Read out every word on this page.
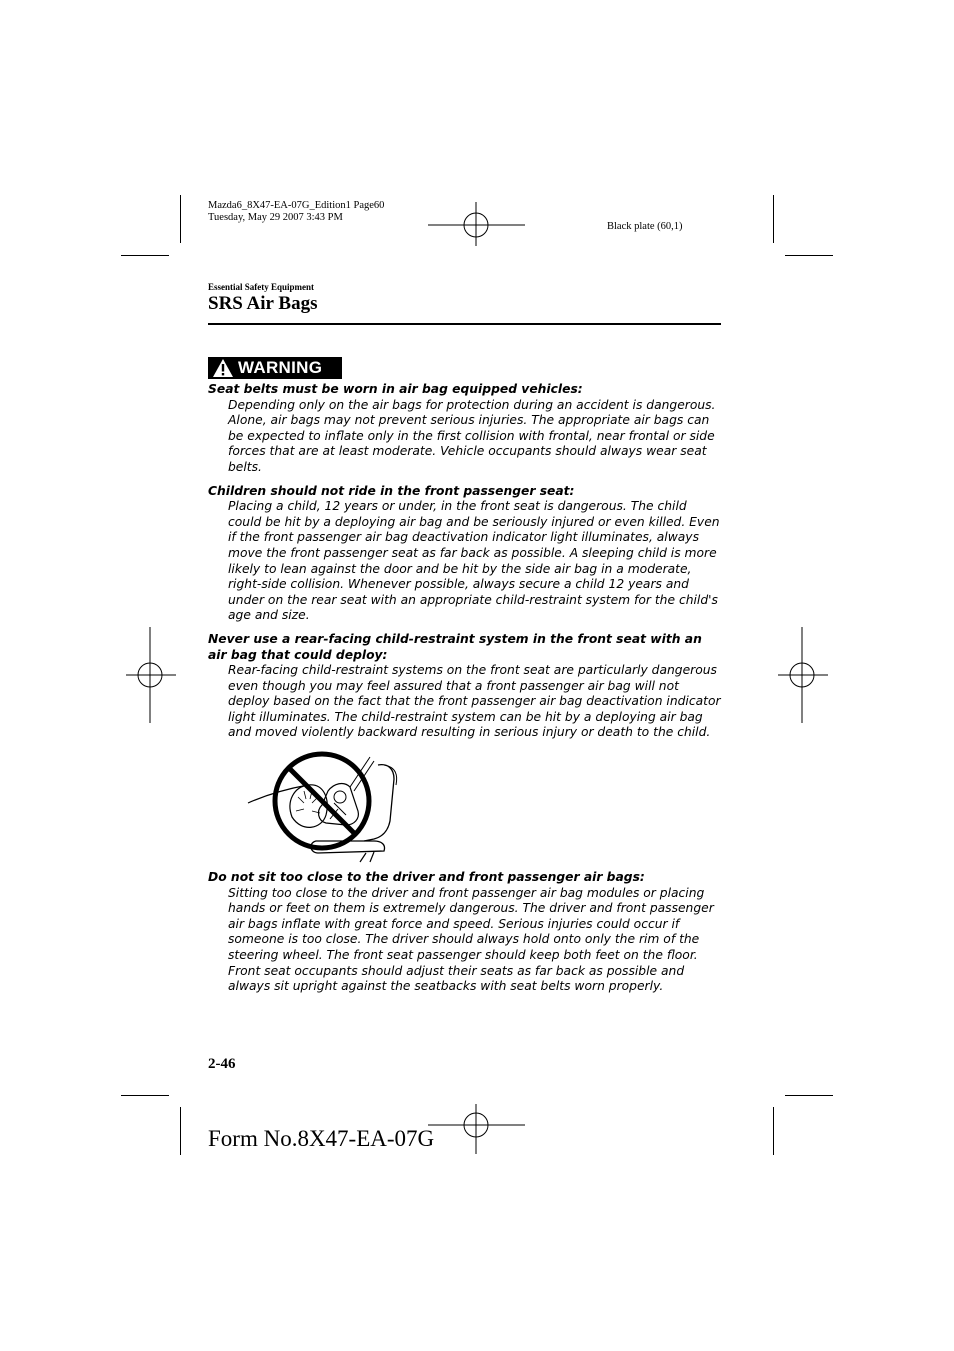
Mazda6_8X47-EA-07G_Edition1 Page60
Tuesday, May 29 2007 3:43 PM
Black plate (60,1)
Essential Safety Equipment
SRS Air Bags
WARNING

Seat belts must be worn in air bag equipped vehicles:

Depending only on the air bags for protection during an accident is dangerous. Alone, air bags may not prevent serious injuries. The appropriate air bags can be expected to inflate only in the first collision with frontal, near frontal or side forces that are at least moderate. Vehicle occupants should always wear seat belts.

Children should not ride in the front passenger seat:

Placing a child, 12 years or under, in the front seat is dangerous. The child could be hit by a deploying air bag and be seriously injured or even killed. Even if the front passenger air bag deactivation indicator light illuminates, always move the front passenger seat as far back as possible. A sleeping child is more likely to lean against the door and be hit by the side air bag in a moderate, right-side collision. Whenever possible, always secure a child 12 years and under on the rear seat with an appropriate child-restraint system for the child's age and size.

Never use a rear-facing child-restraint system in the front seat with an air bag that could deploy:

Rear-facing child-restraint systems on the front seat are particularly dangerous even though you may feel assured that a front passenger air bag will not deploy based on the fact that the front passenger air bag deactivation indicator light illuminates. The child-restraint system can be hit by a deploying air bag and moved violently backward resulting in serious injury or death to the child.

Do not sit too close to the driver and front passenger air bags:

Sitting too close to the driver and front passenger air bag modules or placing hands or feet on them is extremely dangerous. The driver and front passenger air bags inflate with great force and speed. Serious injuries could occur if someone is too close. The driver should always hold onto only the rim of the steering wheel. The front seat passenger should keep both feet on the floor. Front seat occupants should adjust their seats as far back as possible and always sit upright against the seatbacks with seat belts worn properly.

2-46
Form No.8X47-EA-07G
